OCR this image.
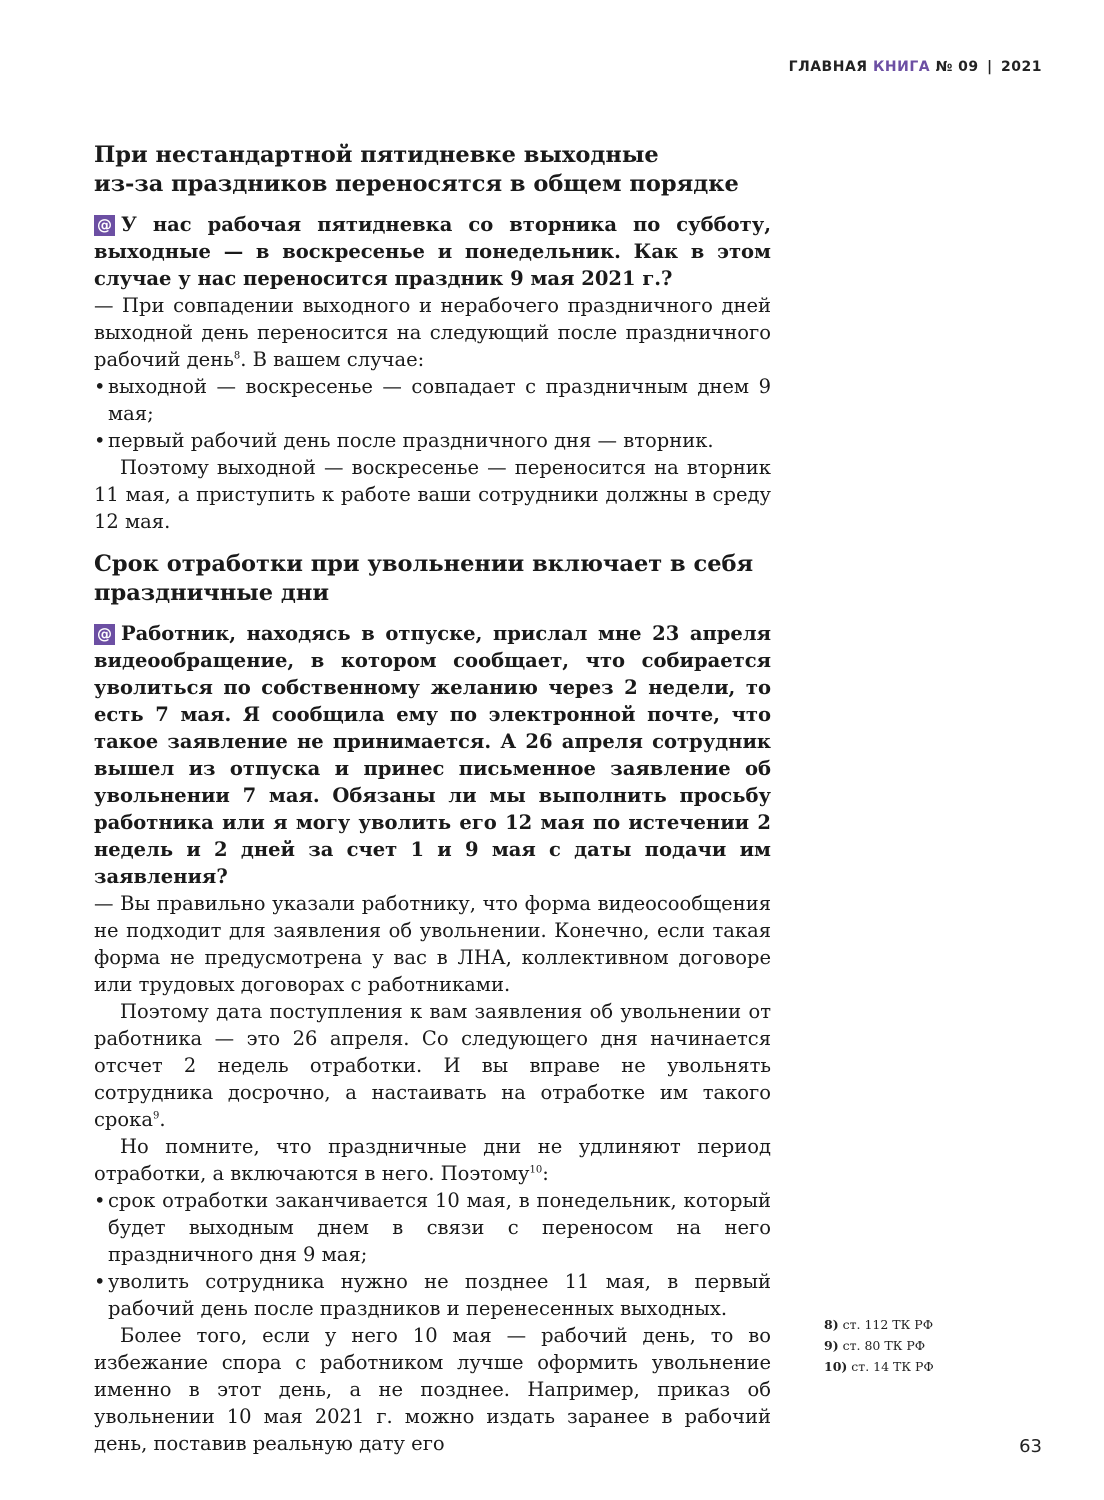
ГЛАВНАЯ КНИГА № 09 | 2021
При нестандартной пятидневке выходные
из-за праздников переносятся в общем порядке

@ У нас рабочая пятидневка со вторника по субботу, выходные — в воскресенье и понедельник. Как в этом случае у нас переносится праздник 9 мая 2021 г.?

— При совпадении выходного и нерабочего праздничного дней выходной день переносится на следующий после праздничного рабочий день$^8$. В вашем случае:

• выходной — воскресенье — совпадает с праздничным днем 9 мая;
• первый рабочий день после праздничного дня — вторник.

Поэтому выходной — воскресенье — переносится на вторник 11 мая, а приступить к работе ваши сотрудники должны в среду 12 мая.

Срок отработки при увольнении включает в себя
праздничные дни

@ Работник, находясь в отпуске, прислал мне 23 апреля видеообращение, в котором сообщает, что собирается уволиться по собственному желанию через 2 недели, то есть 7 мая. Я сообщила ему по электронной почте, что такое заявление не принимается. А 26 апреля сотрудник вышел из отпуска и принес письменное заявление об увольнении 7 мая. Обязаны ли мы выполнить просьбу работника или я могу уволить его 12 мая по истечении 2 недель и 2 дней за счет 1 и 9 мая с даты подачи им заявления?

— Вы правильно указали работнику, что форма видеосообщения не подходит для заявления об увольнении. Конечно, если такая форма не предусмотрена у вас в ЛНА, коллективном договоре или трудовых договорах с работниками.

Поэтому дата поступления к вам заявления об увольнении от работника — это 26 апреля. Со следующего дня начинается отсчет 2 недель отработки. И вы вправе не увольнять сотрудника досрочно, а настаивать на отработке им такого срока$^9$.

Но помните, что праздничные дни не удлиняют период отработки, а включаются в него. Поэтому$^{10}$:

• срок отработки заканчивается 10 мая, в понедельник, который будет выходным днем в связи с переносом на него праздничного дня 9 мая;
• уволить сотрудника нужно не позднее 11 мая, в первый рабочий день после праздников и перенесенных выходных.

Более того, если у него 10 мая — рабочий день, то во избежание спора с работником лучше оформить увольнение именно в этот день, а не позднее. Например, приказ об увольнении 10 мая 2021 г. можно издать заранее в рабочий день, поставив реальную дату его

8) ст. 112 ТК РФ
9) ст. 80 ТК РФ
10) ст. 14 ТК РФ
63
